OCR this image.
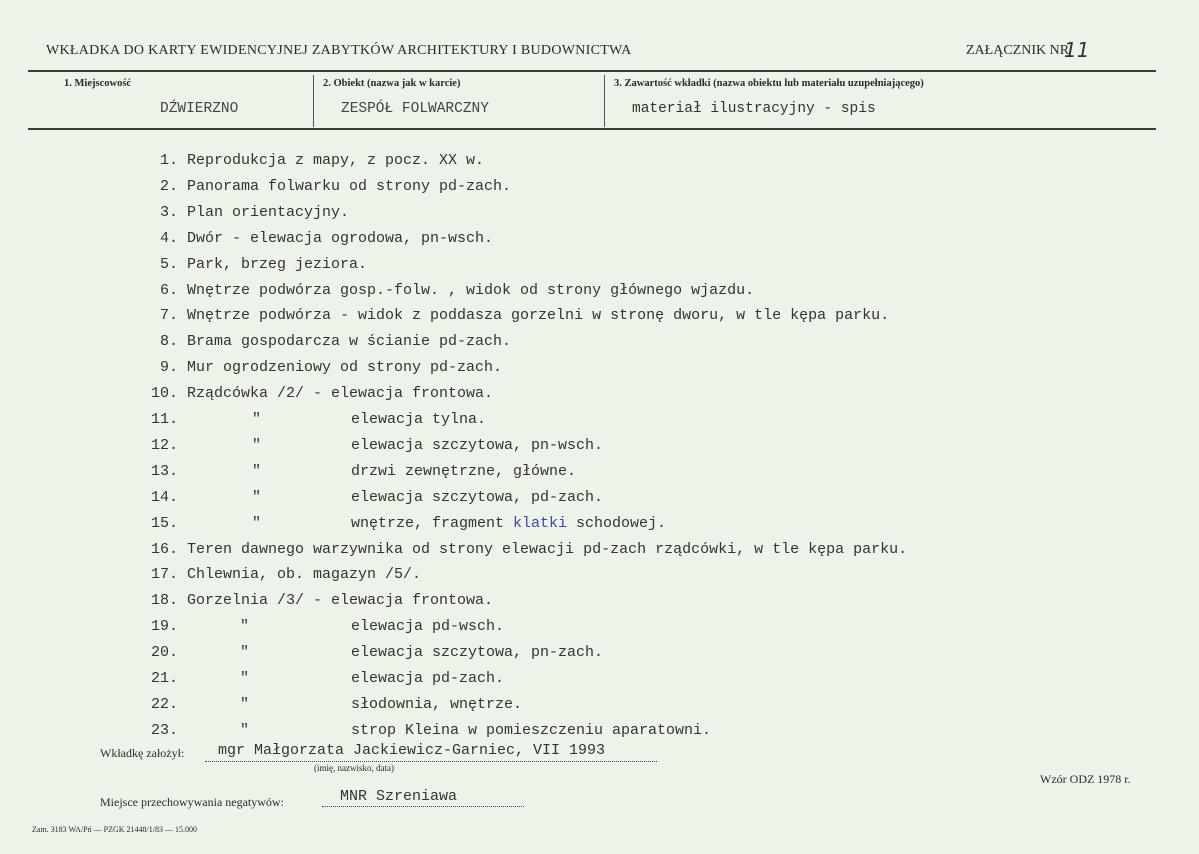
WKŁADKA DO KARTY EWIDENCYJNEJ ZABYTKÓW ARCHITEKTURY I BUDOWNICTWA	ZAŁĄCZNIK NR
11
1. Miejscowość
DŹWIERZNO
2. Obiekt (nazwa jak w karcie)
ZESPÓŁ FOLWARCZNY
3. Zawartość wkładki (nazwa obiektu lub materiału uzupełniającego)
materiał ilustracyjny - spis
1. Reprodukcja z mapy, z pocz. XX w.
2. Panorama folwarku od strony pd-zach.
3. Plan orientacyjny.
4. Dwór - elewacja ogrodowa, pn-wsch.
5. Park, brzeg jeziora.
6. Wnętrze podwórza gosp.-folw. , widok od strony głównego wjazdu.
7. Wnętrze podwórza - widok z poddasza gorzelni w stronę dworu, w tle kępa parku.
8. Brama gospodarcza w ścianie pd-zach.
9. Mur ogrodzeniowy od strony pd-zach.
10. Rządcówka /2/ - elewacja frontowa.
11.	"	elewacja tylna.
12.	"	elewacja szczytowa, pn-wsch.
13.	"	drzwi zewnętrzne, główne.
14.	"	elewacja szczytowa, pd-zach.
15.	"	wnętrze, fragment klatki schodowej.
16. Teren dawnego warzywnika od strony elewacji pd-zach rządcówki, w tle kępa parku.
17. Chlewnia, ob. magazyn /5/.
18. Gorzelnia /3/ - elewacja frontowa.
19.	"	elewacja pd-wsch.
20.	"	elewacja szczytowa, pn-zach.
21.	"	elewacja pd-zach.
22.	"	słodownia, wnętrze.
23.	"	strop Kleina w pomieszczeniu aparatowni.
Wkładkę założył: mgr Małgorzata Jackiewicz-Garniec, VII 1993
(imię, nazwisko, data)
Wzór ODZ 1978 r.
Miejsce przechowywania negatywów:	MNR Szreniawa
Zam. 3183 WA/Pń — PZGK 21448/1/83 — 15.000
